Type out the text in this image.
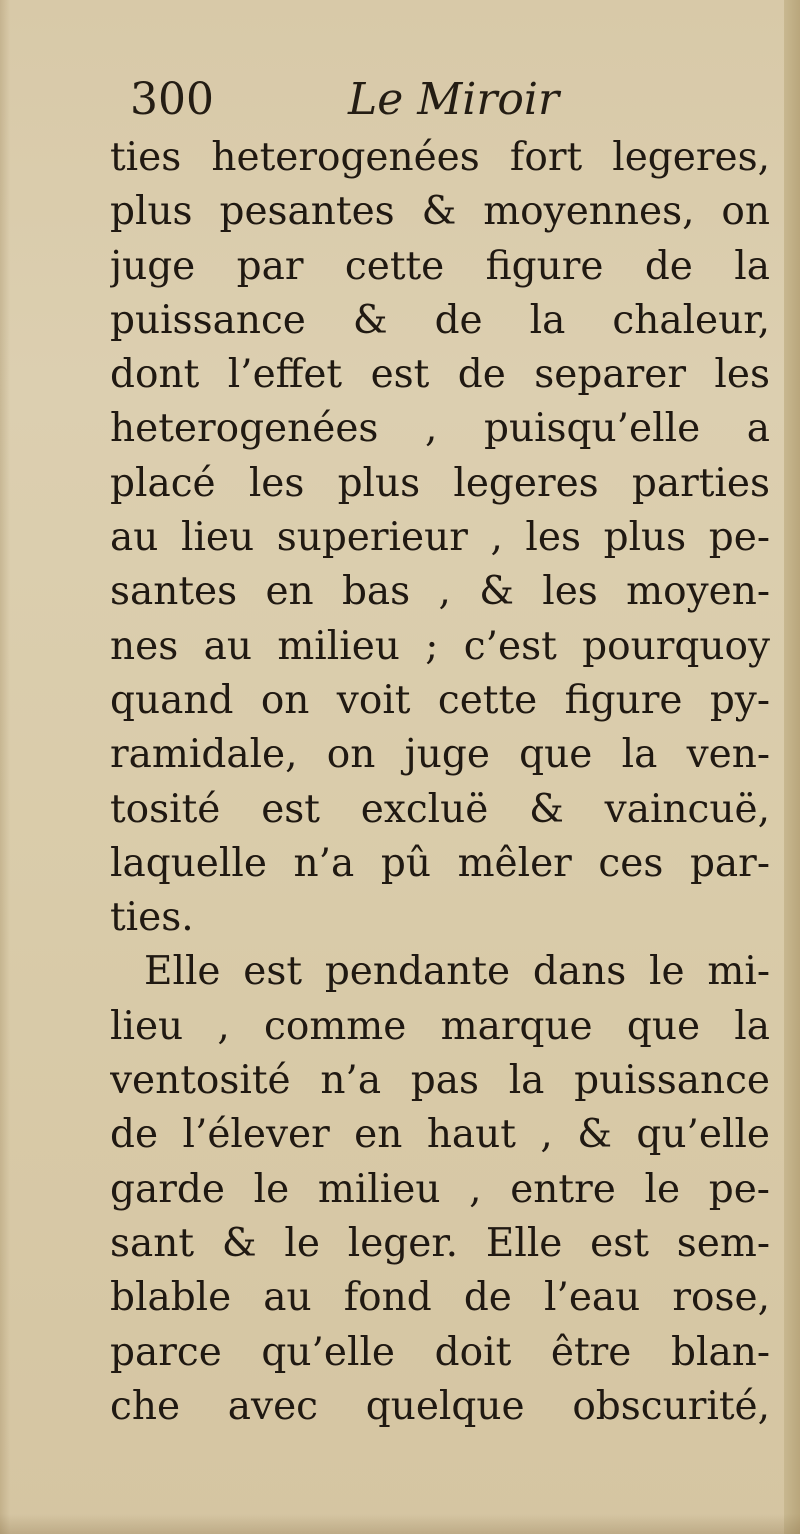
300	Le Miroir
ties heterogenées fort legeres,
plus pesantes & moyennes, on
juge par cette figure de la
puissance & de la chaleur,
dont l’effet est de separer les
heterogenées , puisqu’elle a
placé les plus legeres parties
au lieu superieur , les plus pe-
santes en bas , & les moyen-
nes au milieu ; c’est pourquoy
quand on voit cette figure py-
ramidale, on juge que la ven-
tosité est excluë & vaincuë,
laquelle n’a pû mêler ces par-
ties.
Elle est pendante dans le mi-
lieu , comme marque que la
ventosité n’a pas la puissance
de l’élever en haut , & qu’elle
garde le milieu , entre le pe-
sant & le leger. Elle est sem-
blable au fond de l’eau rose,
parce qu’elle doit être blan-
che avec quelque obscurité,
